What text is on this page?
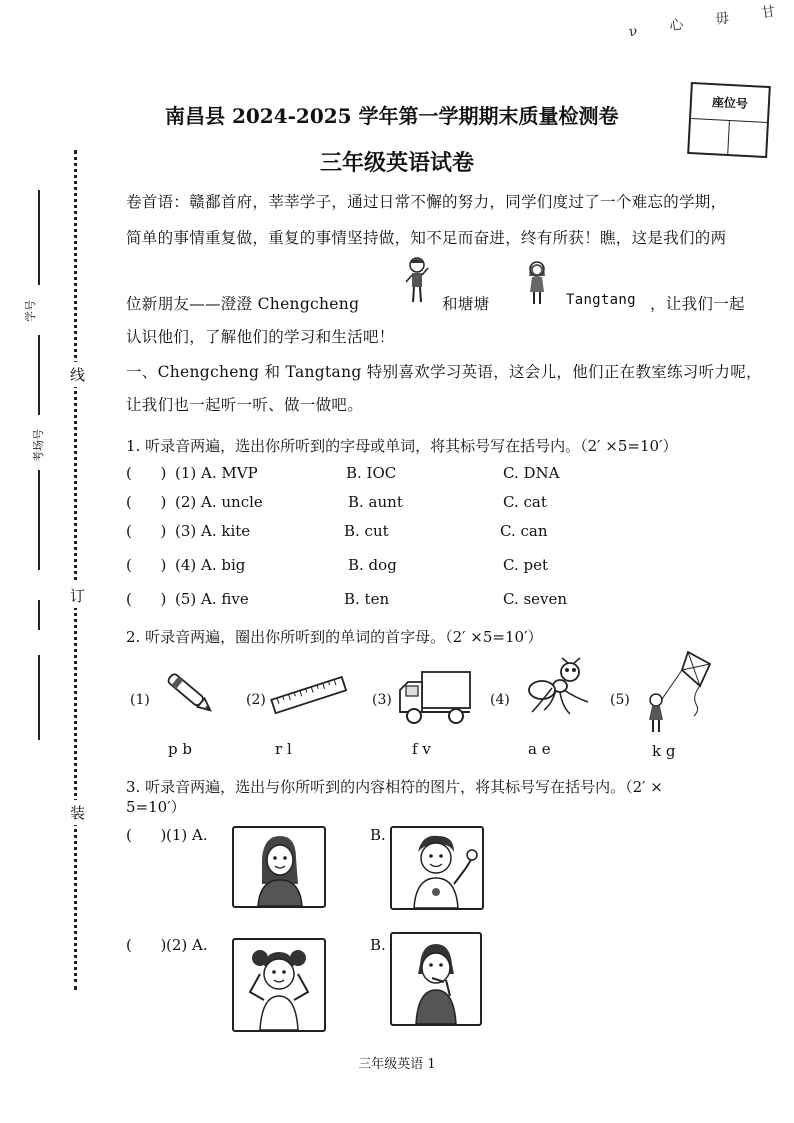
ν 心 毋 甘
线
订
装
学号
考场号
南昌县 2024-2025 学年第一学期期末质量检测卷
座位号
三年级英语试卷
卷首语：赣鄱首府，莘莘学子，通过日常不懈的努力，同学们度过了一个难忘的学期，
简单的事情重复做，重复的事情坚持做，知不足而奋进，终有所获！瞧，这是我们的两
位新朋友——澄澄 Chengcheng	和塘塘	Tangtang ，让我们一起
认识他们，了解他们的学习和生活吧！
一、Chengcheng 和 Tangtang 特别喜欢学习英语，这会儿，他们正在教室练习听力呢，
让我们也一起听一听、做一做吧。
1. 听录音两遍，选出你所听到的字母或单词，将其标号写在括号内。（2′ ×5=10′）
(      ) (1) A. MVP	B. IOC	C. DNA
(      ) (2) A. uncle	B. aunt	C. cat
(      ) (3) A. kite	B. cut	C. can
(      ) (4) A. big	B. dog	C. pet
(      ) (5) A. five	B. ten	C. seven
2. 听录音两遍，圈出你所听到的单词的首字母。（2′ ×5=10′）
(1)
p b
(2)
r l
(3)
f v
(4)
a e
(5)
k g
3. 听录音两遍，选出与你所听到的内容相符的图片，将其标号写在括号内。（2′ ×
5=10′）
(      ) (1) A.	B.
(      ) (2) A.	B.
三年级英语 1
